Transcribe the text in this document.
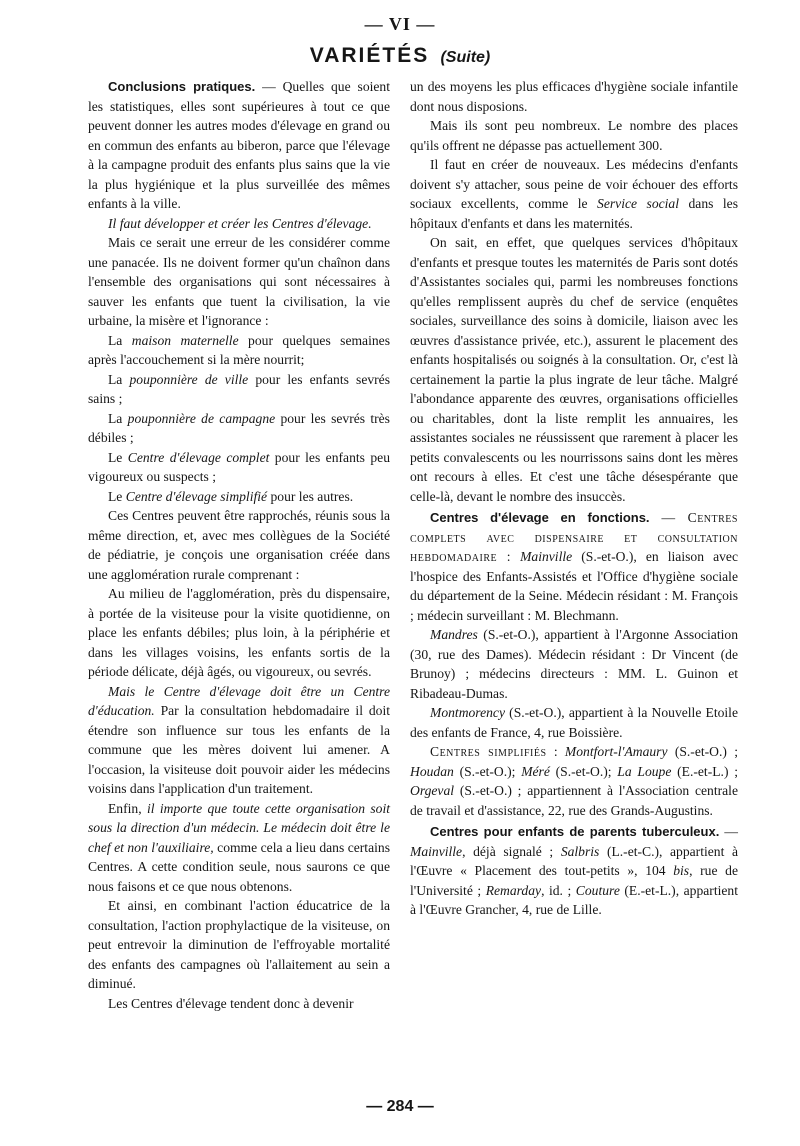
— VI —
VARIÉTÉS (Suite)

Conclusions pratiques. — Quelles que soient les statistiques, elles sont supérieures à tout ce que peuvent donner les autres modes d'élevage en grand ou en commun des enfants au biberon, parce que l'élevage à la campagne produit des enfants plus sains que la vie la plus hygiénique et la plus surveillée des mêmes enfants à la ville.

Il faut développer et créer les Centres d'élevage.

Mais ce serait une erreur de les considérer comme une panacée. Ils ne doivent former qu'un chaînon dans l'ensemble des organisations qui sont nécessaires à sauver les enfants que tuent la civilisation, la vie urbaine, la misère et l'ignorance :

La maison maternelle pour quelques semaines après l'accouchement si la mère nourrit;

La pouponnière de ville pour les enfants sevrés sains ;

La pouponnière de campagne pour les sevrés très débiles ;

Le Centre d'élevage complet pour les enfants peu vigoureux ou suspects ;

Le Centre d'élevage simplifié pour les autres.

Ces Centres peuvent être rapprochés, réunis sous la même direction, et, avec mes collègues de la Société de pédiatrie, je conçois une organisation créée dans une agglomération rurale comprenant :

Au milieu de l'agglomération, près du dispensaire, à portée de la visiteuse pour la visite quotidienne, on place les enfants débiles; plus loin, à la périphérie et dans les villages voisins, les enfants sortis de la période délicate, déjà âgés, ou vigoureux, ou sevrés.

Mais le Centre d'élevage doit être un Centre d'éducation. Par la consultation hebdomadaire il doit étendre son influence sur tous les enfants de la commune que les mères doivent lui amener. A l'occasion, la visiteuse doit pouvoir aider les médecins voisins dans l'application d'un traitement.

Enfin, il importe que toute cette organisation soit sous la direction d'un médecin. Le médecin doit être le chef et non l'auxiliaire, comme cela a lieu dans certains Centres. A cette condition seule, nous saurons ce que nous faisons et ce que nous obtenons.

Et ainsi, en combinant l'action éducatrice de la consultation, l'action prophylactique de la visiteuse, on peut entrevoir la diminution de l'effroyable mortalité des enfants des campagnes où l'allaitement au sein a diminué.

Les Centres d'élevage tendent donc à devenir

un des moyens les plus efficaces d'hygiène sociale infantile dont nous disposions.

Mais ils sont peu nombreux. Le nombre des places qu'ils offrent ne dépasse pas actuellement 300.

Il faut en créer de nouveaux. Les médecins d'enfants doivent s'y attacher, sous peine de voir échouer des efforts sociaux excellents, comme le Service social dans les hôpitaux d'enfants et dans les maternités.

On sait, en effet, que quelques services d'hôpitaux d'enfants et presque toutes les maternités de Paris sont dotés d'Assistantes sociales qui, parmi les nombreuses fonctions qu'elles remplissent auprès du chef de service (enquêtes sociales, surveillance des soins à domicile, liaison avec les œuvres d'assistance privée, etc.), assurent le placement des enfants hospitalisés ou soignés à la consultation. Or, c'est là certainement la partie la plus ingrate de leur tâche. Malgré l'abondance apparente des œuvres, organisations officielles ou charitables, dont la liste remplit les annuaires, les assistantes sociales ne réussissent que rarement à placer les petits convalescents ou les nourrissons sains dont les mères ont recours à elles. Et c'est une tâche désespérante que celle-là, devant le nombre des insuccès.

Centres d'élevage en fonctions. — Centres complets avec dispensaire et consultation hebdomadaire : Mainville (S.-et-O.), en liaison avec l'hospice des Enfants-Assistés et l'Office d'hygiène sociale du département de la Seine. Médecin résidant : M. François ; médecin surveillant : M. Blechmann.

Mandres (S.-et-O.), appartient à l'Argonne Association (30, rue des Dames). Médecin résidant : Dr Vincent (de Brunoy) ; médecins directeurs : MM. L. Guinon et Ribadeau-Dumas.

Montmorency (S.-et-O.), appartient à la Nouvelle Etoile des enfants de France, 4, rue Boissière.

Centres simplifiés : Montfort-l'Amaury (S.-et-O.) ; Houdan (S.-et-O.); Méré (S.-et-O.); La Loupe (E.-et-L.) ; Orgeval (S.-et-O.) ; appartiennent à l'Association centrale de travail et d'assistance, 22, rue des Grands-Augustins.

Centres pour enfants de parents tuberculeux. — Mainville, déjà signalé ; Salbris (L.-et-C.), appartient à l'Œuvre « Placement des tout-petits », 104 bis, rue de l'Université ; Remarday, id. ; Couture (E.-et-L.), appartient à l'Œuvre Grancher, 4, rue de Lille.

— 284 —
